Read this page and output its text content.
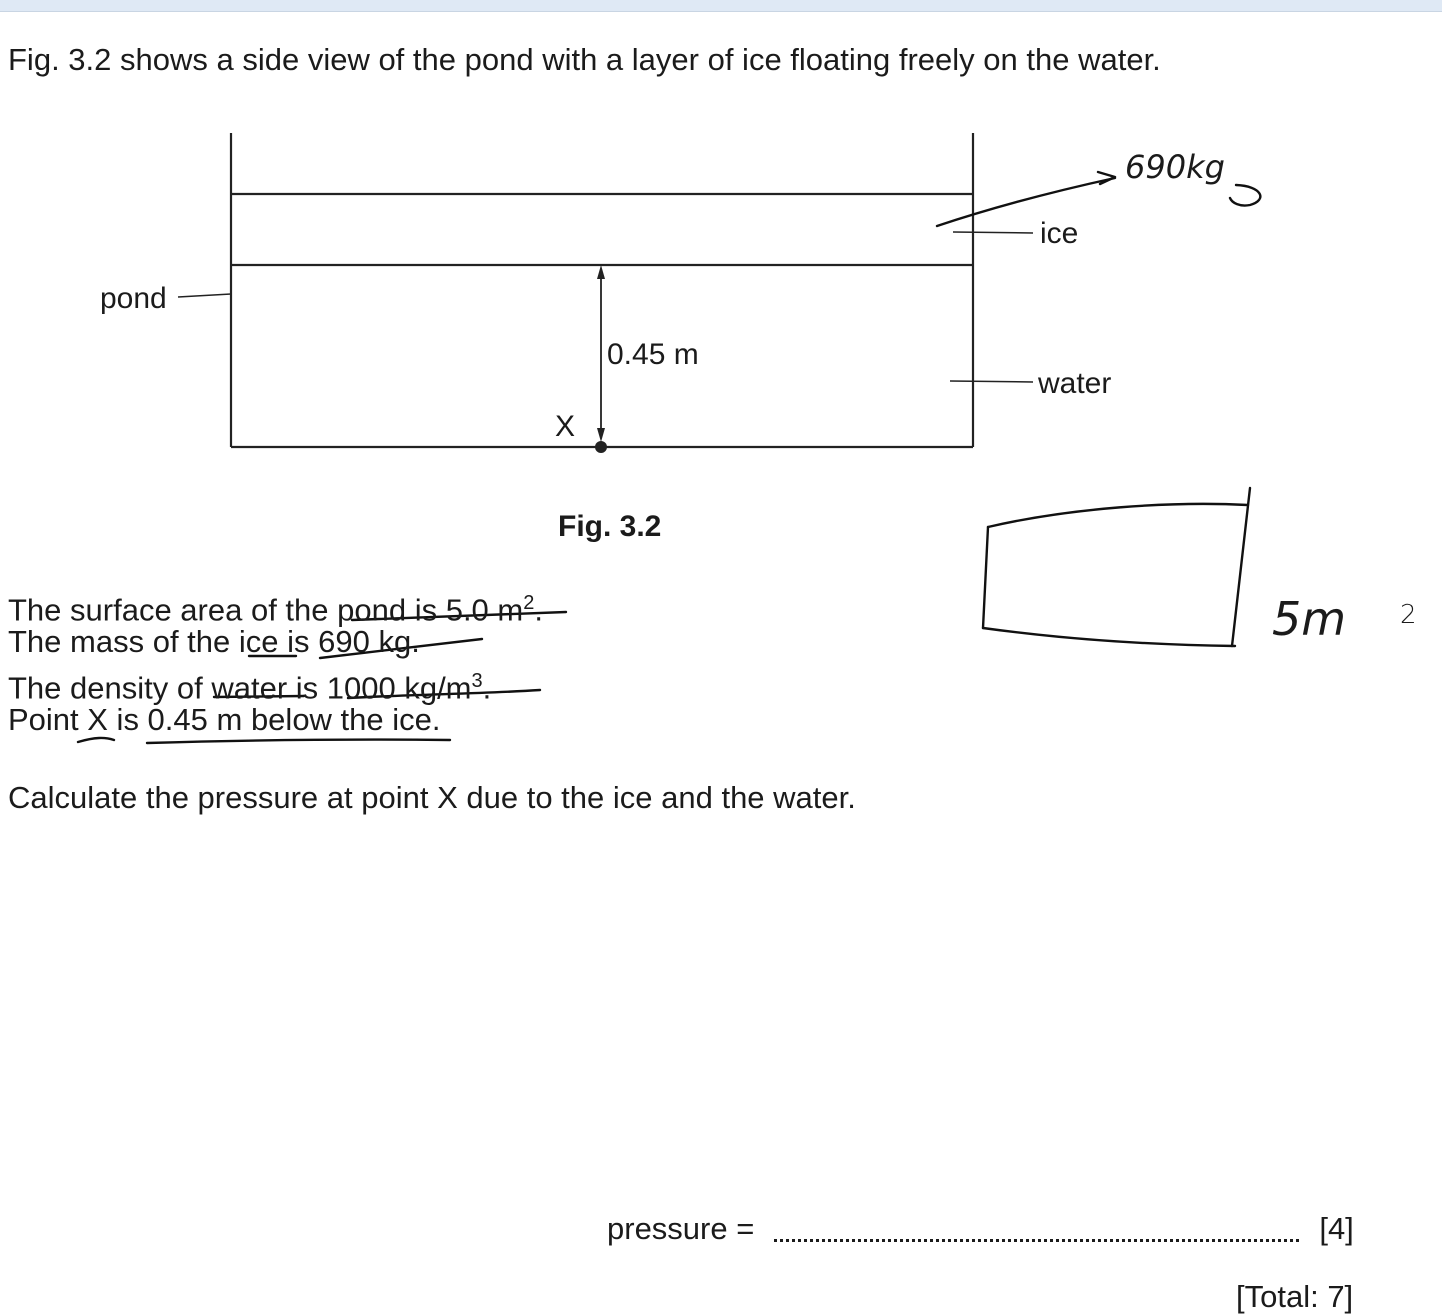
Fig. 3.2 shows a side view of the pond with a layer of ice floating freely on the water.
pond
ice
water
0.45 m
X
Fig. 3.2
690kg
5m 2
The surface area of the pond is 5.0 $m^2$.
The mass of the ice is 690 kg.
The density of water is 1000 $kg/m^3$.
Point X is 0.45 m below the ice.
Calculate the pressure at point X due to the ice and the water.
pressure =	[4]
[Total: 7]
